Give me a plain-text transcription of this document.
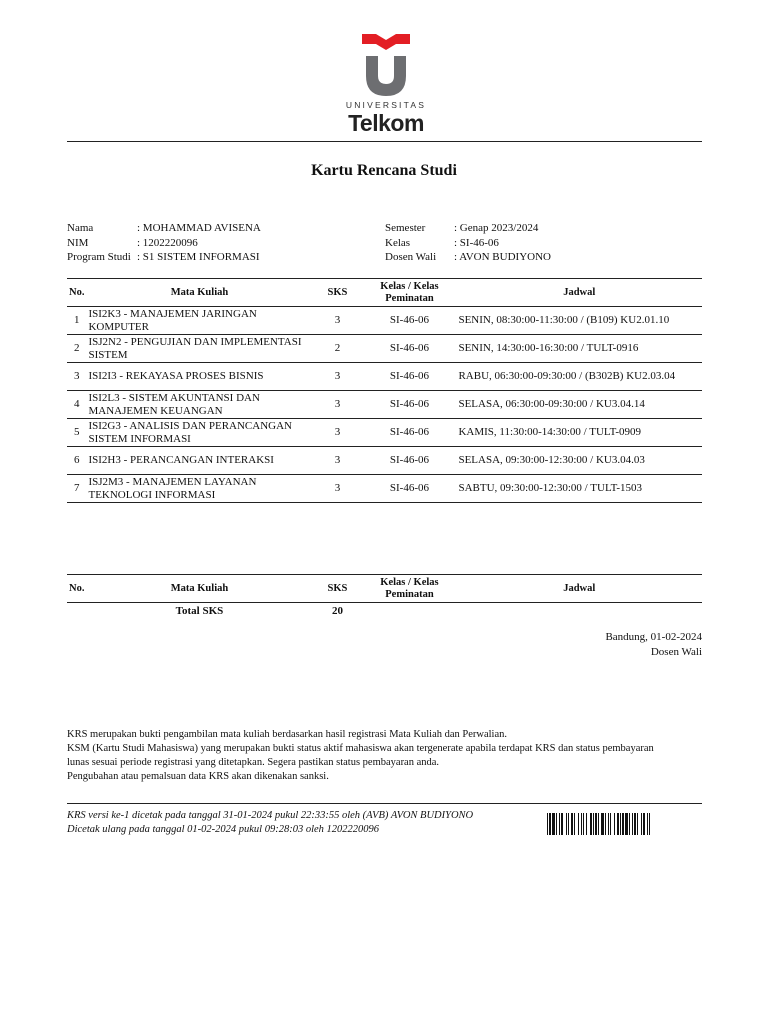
UNIVERSITAS
Telkom
Kartu Rencana Studi
Nama	: MOHAMMAD AVISENA
NIM	: 1202220096
Program Studi : S1 SISTEM INFORMASI
Semester	: Genap 2023/2024
Kelas	: SI-46-06
Dosen Wali : AVON BUDIYONO
No.	Mata Kuliah	SKS	Kelas / Kelas Peminatan	Jadwal
1	ISI2K3 - MANAJEMEN JARINGAN KOMPUTER	3	SI-46-06	SENIN, 08:30:00-11:30:00 / (B109) KU2.01.10
2	ISJ2N2 - PENGUJIAN DAN IMPLEMENTASI SISTEM	2	SI-46-06	SENIN, 14:30:00-16:30:00 / TULT-0916
3	ISI2I3 - REKAYASA PROSES BISNIS	3	SI-46-06	RABU, 06:30:00-09:30:00 / (B302B) KU2.03.04
4	ISI2L3 - SISTEM AKUNTANSI DAN MANAJEMEN KEUANGAN	3	SI-46-06	SELASA, 06:30:00-09:30:00 / KU3.04.14
5	ISI2G3 - ANALISIS DAN PERANCANGAN SISTEM INFORMASI	3	SI-46-06	KAMIS, 11:30:00-14:30:00 / TULT-0909
6	ISI2H3 - PERANCANGAN INTERAKSI	3	SI-46-06	SELASA, 09:30:00-12:30:00 / KU3.04.03
7	ISJ2M3 - MANAJEMEN LAYANAN TEKNOLOGI INFORMASI	3	SI-46-06	SABTU, 09:30:00-12:30:00 / TULT-1503
No.	Mata Kuliah	SKS	Kelas / Kelas Peminatan	Jadwal
	Total SKS	20		
Bandung, 01-02-2024
Dosen Wali
KRS merupakan bukti pengambilan mata kuliah berdasarkan hasil registrasi Mata Kuliah dan Perwalian.
KSM (Kartu Studi Mahasiswa) yang merupakan bukti status aktif mahasiswa akan tergenerate apabila terdapat KRS dan status pembayaran
lunas sesuai periode registrasi yang ditetapkan. Segera pastikan status pembayaran anda.
Pengubahan atau pemalsuan data KRS akan dikenakan sanksi.
KRS versi ke-1 dicetak pada tanggal 31-01-2024 pukul 22:33:55 oleh (AVB) AVON BUDIYONO
Dicetak ulang pada tanggal 01-02-2024 pukul 09:28:03 oleh 1202220096
